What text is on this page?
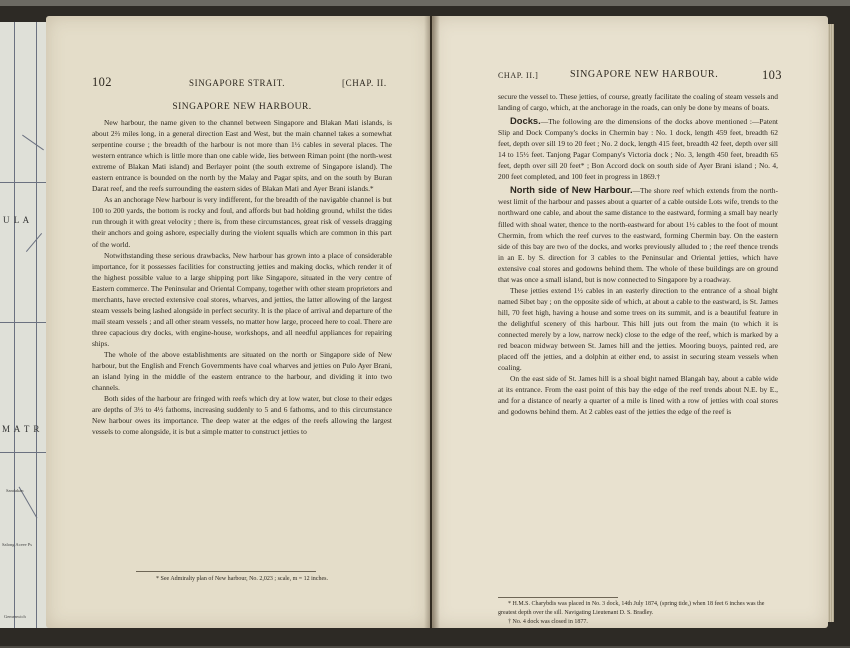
U L A
M A T R
Sandakan
Salong Aceee Ps
Gemenwich
102	SINGAPORE STRAIT.	[CHAP. II.
SINGAPORE NEW HARBOUR.

New harbour, the name given to the channel between Singapore and Blakan Mati islands, is about 2⅔ miles long, in a general direction East and West, but the main channel takes a somewhat serpentine course ; the breadth of the harbour is not more than 1½ cables in several places. The western entrance which is little more than one cable wide, lies between Riman point (the north-west extreme of Blakan Mati island) and Berlayer point (the south extreme of Singapore island). The eastern entrance is bounded on the north by the Malay and Pagar spits, and on the south by Buran Darat reef, and the reefs surrounding the eastern sides of Blakan Mati and Ayer Brani islands.*

As an anchorage New harbour is very indifferent, for the breadth of the navigable channel is but 100 to 200 yards, the bottom is rocky and foul, and affords but bad holding ground, whilst the tides run through it with great velocity ; there is, from these circumstances, great risk of vessels dragging their anchors and going ashore, especially during the violent squalls which are common in this part of the world.

Notwithstanding these serious drawbacks, New harbour has grown into a place of considerable importance, for it possesses facilities for constructing jetties and making docks, which render it of the highest possible value to a large shipping port like Singapore, situated in the very centre of Eastern commerce. The Peninsular and Oriental Company, together with other steam proprietors and merchants, have erected extensive coal stores, wharves, and jetties, the latter allowing of the largest steam vessels being lashed alongside in perfect security. It is the place of arrival and departure of the mail steam vessels ; and all other steam vessels, no matter how large, proceed here to coal. There are three capacious dry docks, with engine-house, workshops, and all needful appliances for repairing ships.

The whole of the above establishments are situated on the north or Singapore side of New harbour, but the English and French Governments have coal wharves and jetties on Pulo Ayer Brani, an island lying in the middle of the eastern entrance to the harbour, and dividing it into two channels.

Both sides of the harbour are fringed with reefs which dry at low water, but close to their edges are depths of 3½ to 4½ fathoms, increasing suddenly to 5 and 6 fathoms, and to this circumstance New harbour owes its importance. The deep water at the edges of the reefs allowing the largest vessels to come alongside, it is but a simple matter to construct jetties to

* See Admiralty plan of New harbour, No. 2,023 ; scale, m = 12 inches.
CHAP. II.]	SINGAPORE NEW HARBOUR.	103

secure the vessel to. These jetties, of course, greatly facilitate the coaling of steam vessels and landing of cargo, which, at the anchorage in the roads, can only be done by means of boats.

Docks.—The following are the dimensions of the docks above mentioned :—Patent Slip and Dock Company's docks in Chermin bay : No. 1 dock, length 459 feet, breadth 62 feet, depth over sill 19 to 20 feet ; No. 2 dock, length 415 feet, breadth 42 feet, depth over sill 14 to 15½ feet. Tanjong Pagar Company's Victoria dock ; No. 3, length 450 feet, breadth 65 feet, depth over sill 20 feet* ; Bon Accord dock on south side of Ayer Brani island ; No. 4, 200 feet completed, and 100 feet in progress in 1869.†

North side of New Harbour.—The shore reef which extends from the north-west limit of the harbour and passes about a quarter of a cable outside Lots wife, trends to the northward one cable, and about the same distance to the eastward, forming a small bay nearly filled with shoal water, thence to the north-eastward for about 1½ cables to the foot of mount Chermin, from which the reef curves to the eastward, forming Chermin bay. On the eastern side of this bay are two of the docks, and works previously alluded to ; the reef thence trends in an E. by S. direction for 3 cables to the Peninsular and Oriental jetties, which have extensive coal stores and godowns behind them. The whole of these buildings are on ground that was once a small island, but is now connected to Singapore by a roadway.

These jetties extend 1½ cables in an easterly direction to the entrance of a shoal bight named Sibet bay ; on the opposite side of which, at about a cable to the eastward, is St. James hill, 70 feet high, having a house and some trees on its summit, and is a beautiful feature in the delightful scenery of this harbour. This hill juts out from the main (to which it is connected merely by a low, narrow neck) close to the edge of the reef, which is marked by a red beacon midway between St. James hill and the jetties. Mooring buoys, painted red, are placed off the jetties, and a dolphin at either end, to assist in securing steam vessels when coaling.

On the east side of St. James hill is a shoal bight named Blangah bay, about a cable wide at its entrance. From the east point of this bay the edge of the reef trends about N.E. by E., and for a distance of nearly a quarter of a mile is lined with a row of jetties with coal stores and godowns behind them. At 2 cables east of the jetties the edge of the reef is

* H.M.S. Charybdis was placed in No. 3 dock, 14th July 1874, (spring tide,) when 18 feet 6 inches was the greatest depth over the sill. Navigating Lieutenant D. S. Bradley.
† No. 4 dock was closed in 1877.
